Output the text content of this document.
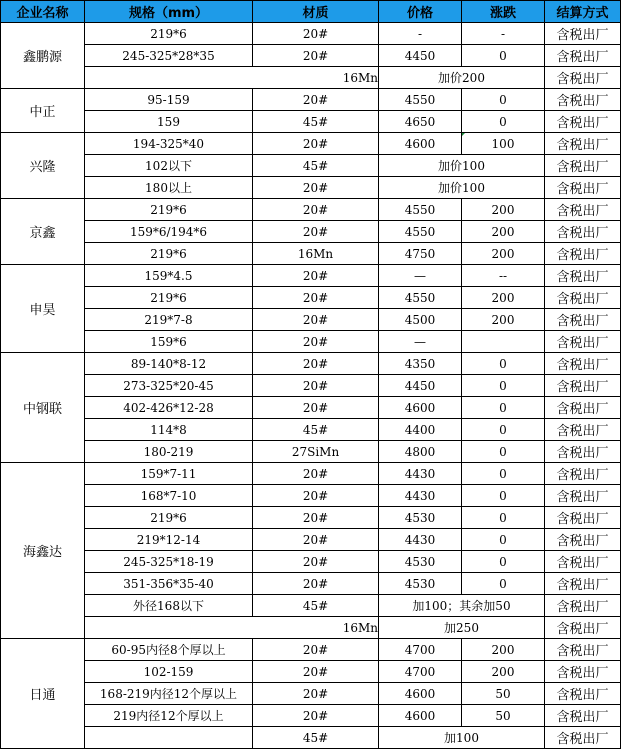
企业名称	规格（mm）	材质	价格	涨跌	结算方式
鑫鹏源	219*6	20#	-	-	含税出厂
	245-325*28*35	20#	4450	0	含税出厂
		16Mn	加价200		含税出厂
中正	95-159	20#	4550	0	含税出厂
	159	45#	4650	0	含税出厂
兴隆	194-325*40	20#	4600	100	含税出厂
	102以下	45#	加价100		含税出厂
	180以上	20#	加价100		含税出厂
京鑫	219*6	20#	4550	200	含税出厂
	159*6/194*6	20#	4550	200	含税出厂
	219*6	16Mn	4750	200	含税出厂
申昊	159*4.5	20#	—	--	含税出厂
	219*6	20#	4550	200	含税出厂
	219*7-8	20#	4500	200	含税出厂
	159*6	20#	—		含税出厂
中钢联	89-140*8-12	20#	4350	0	含税出厂
	273-325*20-45	20#	4450	0	含税出厂
	402-426*12-28	20#	4600	0	含税出厂
	114*8	45#	4400	0	含税出厂
	180-219	27SiMn	4800	0	含税出厂
海鑫达	159*7-11	20#	4430	0	含税出厂
	168*7-10	20#	4430	0	含税出厂
	219*6	20#	4530	0	含税出厂
	219*12-14	20#	4430	0	含税出厂
	245-325*18-19	20#	4530	0	含税出厂
	351-356*35-40	20#	4530	0	含税出厂
	外径168以下	45#	加100；其余加50		含税出厂
		16Mn	加250		含税出厂
日通	60-95内径8个厚以上	20#	4700	200	含税出厂
	102-159	20#	4700	200	含税出厂
	168-219内径12个厚以上	20#	4600	50	含税出厂
	219内径12个厚以上	20#	4600	50	含税出厂
		45#	加100		含税出厂
